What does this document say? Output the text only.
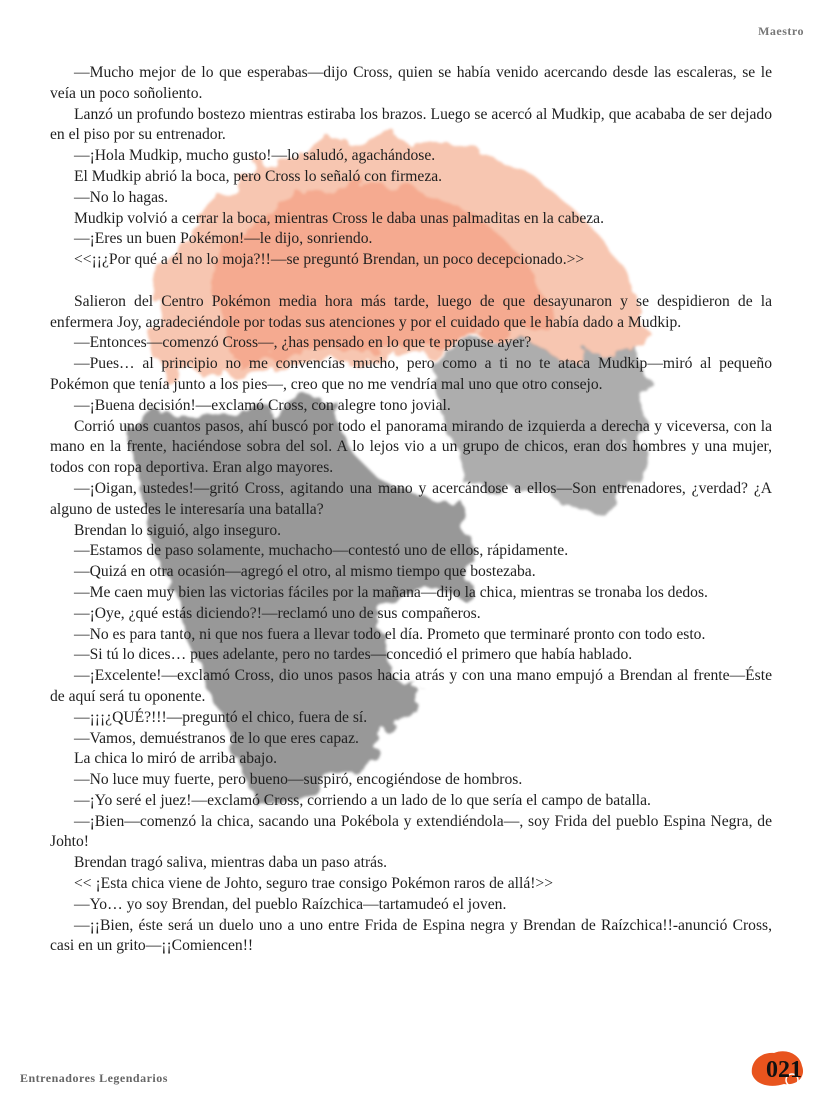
Maestro

—Mucho mejor de lo que esperabas—dijo Cross, quien se había venido acercando desde las escaleras, se le veía un poco soñoliento.

Lanzó un profundo bostezo mientras estiraba los brazos. Luego se acercó al Mudkip, que acababa de ser dejado en el piso por su entrenador.

—¡Hola Mudkip, mucho gusto!—lo saludó, agachándose.

El Mudkip abrió la boca, pero Cross lo señaló con firmeza.

—No lo hagas.

Mudkip volvió a cerrar la boca, mientras Cross le daba unas palmaditas en la cabeza.

—¡Eres un buen Pokémon!—le dijo, sonriendo.

<<¡¡¿Por qué a él no lo moja?!!—se preguntó Brendan, un poco decepcionado.>>

Salieron del Centro Pokémon media hora más tarde, luego de que desayunaron y se despidieron de la enfermera Joy, agradeciéndole por todas sus atenciones y por el cuidado que le había dado a Mudkip.

—Entonces—comenzó Cross—, ¿has pensado en lo que te propuse ayer?

—Pues… al principio no me convencías mucho, pero como a ti no te ataca Mudkip—miró al pequeño Pokémon que tenía junto a los pies—, creo que no me vendría mal uno que otro consejo.

—¡Buena decisión!—exclamó Cross, con alegre tono jovial.

Corrió unos cuantos pasos, ahí buscó por todo el panorama mirando de izquierda a derecha y viceversa, con la mano en la frente, haciéndose sobra del sol. A lo lejos vio a un grupo de chicos, eran dos hombres y una mujer, todos con ropa deportiva. Eran algo mayores.

—¡Oigan, ustedes!—gritó Cross, agitando una mano y acercándose a ellos—Son entrenadores, ¿verdad? ¿A alguno de ustedes le interesaría una batalla?

Brendan lo siguió, algo inseguro.

—Estamos de paso solamente, muchacho—contestó uno de ellos, rápidamente.

—Quizá en otra ocasión—agregó el otro, al mismo tiempo que bostezaba.

—Me caen muy bien las victorias fáciles por la mañana—dijo la chica, mientras se tronaba los dedos.

—¡Oye, ¿qué estás diciendo?!—reclamó uno de sus compañeros.

—No es para tanto, ni que nos fuera a llevar todo el día. Prometo que terminaré pronto con todo esto.

—Si tú lo dices… pues adelante, pero no tardes—concedió el primero que había hablado.

—¡Excelente!—exclamó Cross, dio unos pasos hacia atrás y con una mano empujó a Brendan al frente—Éste de aquí será tu oponente.

—¡¡¡¿QUÉ?!!!—preguntó el chico, fuera de sí.

—Vamos, demuéstranos de lo que eres capaz.

La chica lo miró de arriba abajo.

—No luce muy fuerte, pero bueno—suspiró, encogiéndose de hombros.

—¡Yo seré el juez!—exclamó Cross, corriendo a un lado de lo que sería el campo de batalla.

—¡Bien—comenzó la chica, sacando una Pokébola y extendiéndola—, soy Frida del pueblo Espina Negra, de Johto!

Brendan tragó saliva, mientras daba un paso atrás.

<< ¡Esta chica viene de Johto, seguro trae consigo Pokémon raros de allá!>>

—Yo… yo soy Brendan, del pueblo Raízchica—tartamudeó el joven.

—¡¡Bien, éste será un duelo uno a uno entre Frida de Espina negra y Brendan de Raízchica!!-anunció Cross, casi en un grito—¡¡Comiencen!!

Entrenadores Legendarios	021
